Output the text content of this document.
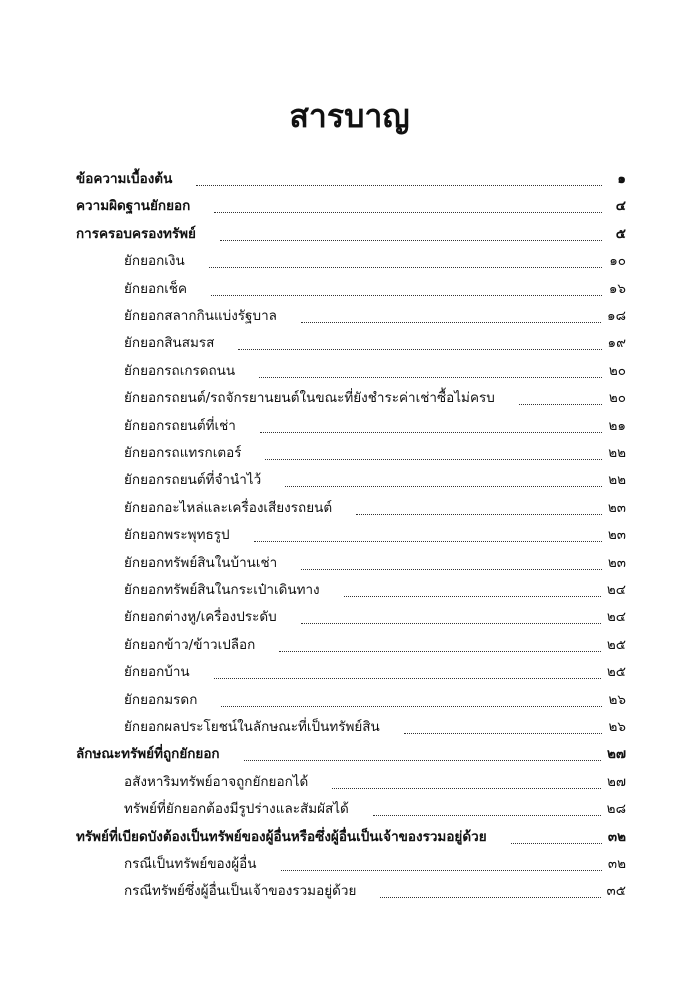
สารบาญ
ข้อความเบื้องต้น	๑
ความผิดฐานยักยอก	๔
การครอบครองทรัพย์	๕
ยักยอกเงิน	๑๐
ยักยอกเช็ค	๑๖
ยักยอกสลากกินแบ่งรัฐบาล	๑๘
ยักยอกสินสมรส	๑๙
ยักยอกรถเกรดถนน	๒๐
ยักยอกรถยนต์/รถจักรยานยนต์ในขณะที่ยังชำระค่าเช่าซื้อไม่ครบ	๒๐
ยักยอกรถยนต์ที่เช่า	๒๑
ยักยอกรถแทรกเตอร์	๒๒
ยักยอกรถยนต์ที่จำนำไว้	๒๒
ยักยอกอะไหล่และเครื่องเสียงรถยนต์	๒๓
ยักยอกพระพุทธรูป	๒๓
ยักยอกทรัพย์สินในบ้านเช่า	๒๓
ยักยอกทรัพย์สินในกระเป๋าเดินทาง	๒๔
ยักยอกต่างหู/เครื่องประดับ	๒๔
ยักยอกข้าว/ข้าวเปลือก	๒๕
ยักยอกบ้าน	๒๕
ยักยอกมรดก	๒๖
ยักยอกผลประโยชน์ในลักษณะที่เป็นทรัพย์สิน	๒๖
ลักษณะทรัพย์ที่ถูกยักยอก	๒๗
อสังหาริมทรัพย์อาจถูกยักยอกได้	๒๗
ทรัพย์ที่ยักยอกต้องมีรูปร่างและสัมผัสได้	๒๘
ทรัพย์ที่เบียดบังต้องเป็นทรัพย์ของผู้อื่นหรือซึ่งผู้อื่นเป็นเจ้าของรวมอยู่ด้วย	๓๒
กรณีเป็นทรัพย์ของผู้อื่น	๓๒
กรณีทรัพย์ซึ่งผู้อื่นเป็นเจ้าของรวมอยู่ด้วย	๓๕
